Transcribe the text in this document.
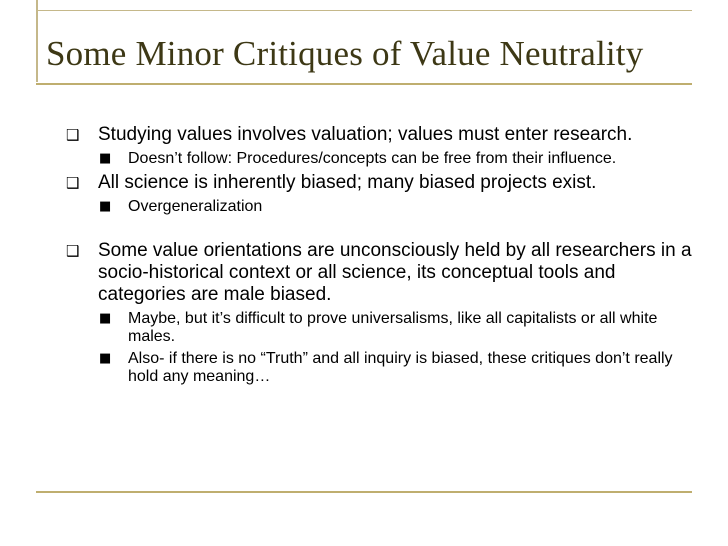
Some Minor Critiques of Value Neutrality
❑ Studying values involves valuation; values must enter research.
■ Doesn’t follow: Procedures/concepts can be free from their influence.
❑ All science is inherently biased; many biased projects exist.
■ Overgeneralization
❑ Some value orientations are unconsciously held by all researchers in a socio-historical context or all science, its conceptual tools and categories are male biased.
■ Maybe, but it’s difficult to prove universalisms, like all capitalists or all white males.
■ Also- if there is no “Truth” and all inquiry is biased, these critiques don’t really hold any meaning…
